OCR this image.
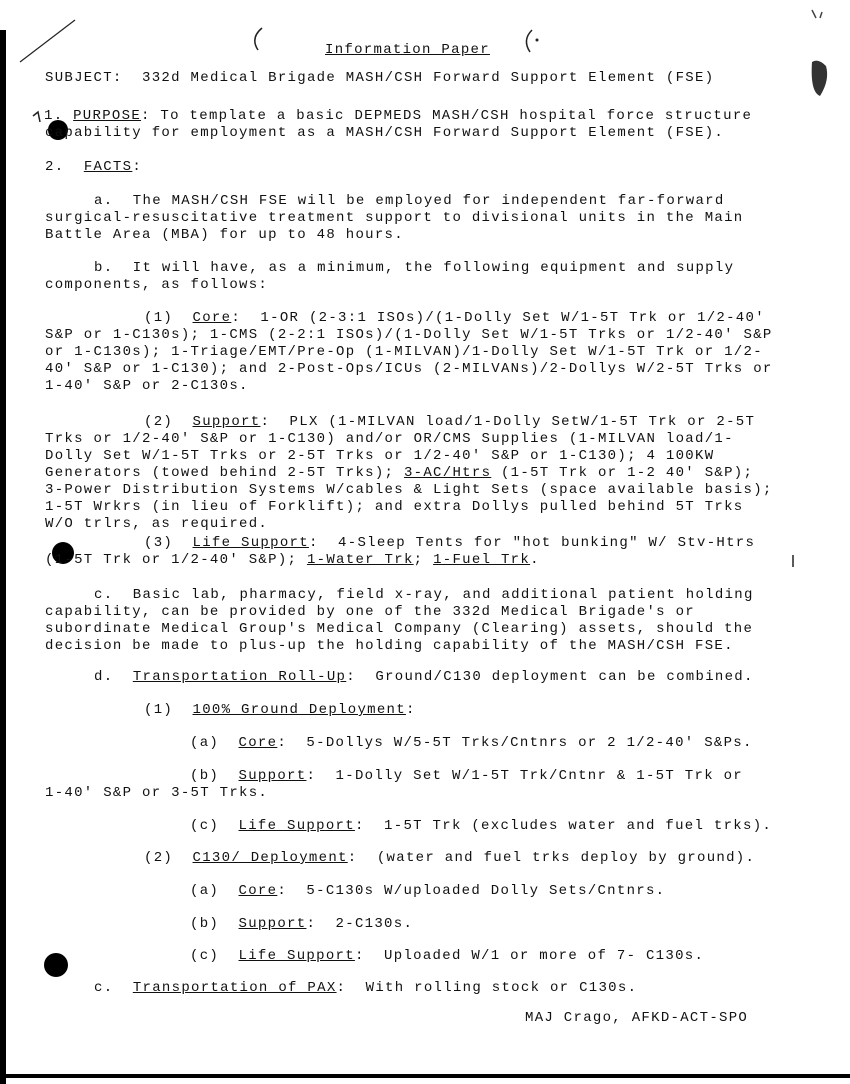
Information Paper
SUBJECT: 332d Medical Brigade MASH/CSH Forward Support Element (FSE)
1. PURPOSE: To template a basic DEPMEDS MASH/CSH hospital force structure
capability for employment as a MASH/CSH Forward Support Element (FSE).
2. FACTS:
a.  The MASH/CSH FSE will be employed for independent far-forward
surgical-resuscitative treatment support to divisional units in the Main
Battle Area (MBA) for up to 48 hours.
b.  It will have, as a minimum, the following equipment and supply
components, as follows:
(1) Core:  1-OR (2-3:1 ISOs)/(1-Dolly Set W/1-5T Trk or 1/2-40'
S&P or 1-C130s); 1-CMS (2-2:1 ISOs)/(1-Dolly Set W/1-5T Trks or 1/2-40' S&P
or 1-C130s); 1-Triage/EMT/Pre-Op (1-MILVAN)/1-Dolly Set W/1-5T Trk or 1/2-
40' S&P or 1-C130); and 2-Post-Ops/ICUs (2-MILVANs)/2-Dollys W/2-5T Trks or
1-40' S&P or 2-C130s.
(2) Support:  PLX (1-MILVAN load/1-Dolly SetW/1-5T Trk or 2-5T
Trks or 1/2-40' S&P or 1-C130) and/or OR/CMS Supplies (1-MILVAN load/1-
Dolly Set W/1-5T Trks or 2-5T Trks or 1/2-40' S&P or 1-C130); 4 100KW
Generators (towed behind 2-5T Trks); 3-AC/Htrs (1-5T Trk or 1-2 40' S&P);
3-Power Distribution Systems W/cables & Light Sets (space available basis);
1-5T Wrkrs (in lieu of Forklift); and extra Dollys pulled behind 5T Trks
W/O trlrs, as required.
(3) Life Support:  4-Sleep Tents for "hot bunking" W/ Stv-Htrs
(1-5T Trk or 1/2-40' S&P); 1-Water Trk; 1-Fuel Trk.
c.  Basic lab, pharmacy, field x-ray, and additional patient holding
capability, can be provided by one of the 332d Medical Brigade's or
subordinate Medical Group's Medical Company (Clearing) assets, should the
decision be made to plus-up the holding capability of the MASH/CSH FSE.
d. Transportation Roll-Up:  Ground/C130 deployment can be combined.
(1) 100% Ground Deployment:
(a) Core:  5-Dollys W/5-5T Trks/Cntnrs or 2 1/2-40' S&Ps.
(b) Support:  1-Dolly Set W/1-5T Trk/Cntnr & 1-5T Trk or
1-40' S&P or 3-5T Trks.
(c) Life Support:  1-5T Trk (excludes water and fuel trks).
(2) C130/ Deployment:  (water and fuel trks deploy by ground).
(a) Core:  5-C130s W/uploaded Dolly Sets/Cntnrs.
(b) Support:  2-C130s.
(c) Life Support:  Uploaded W/1 or more of 7- C130s.
c. Transportation of PAX:  With rolling stock or C130s.
MAJ Crago, AFKD-ACT-SPO
